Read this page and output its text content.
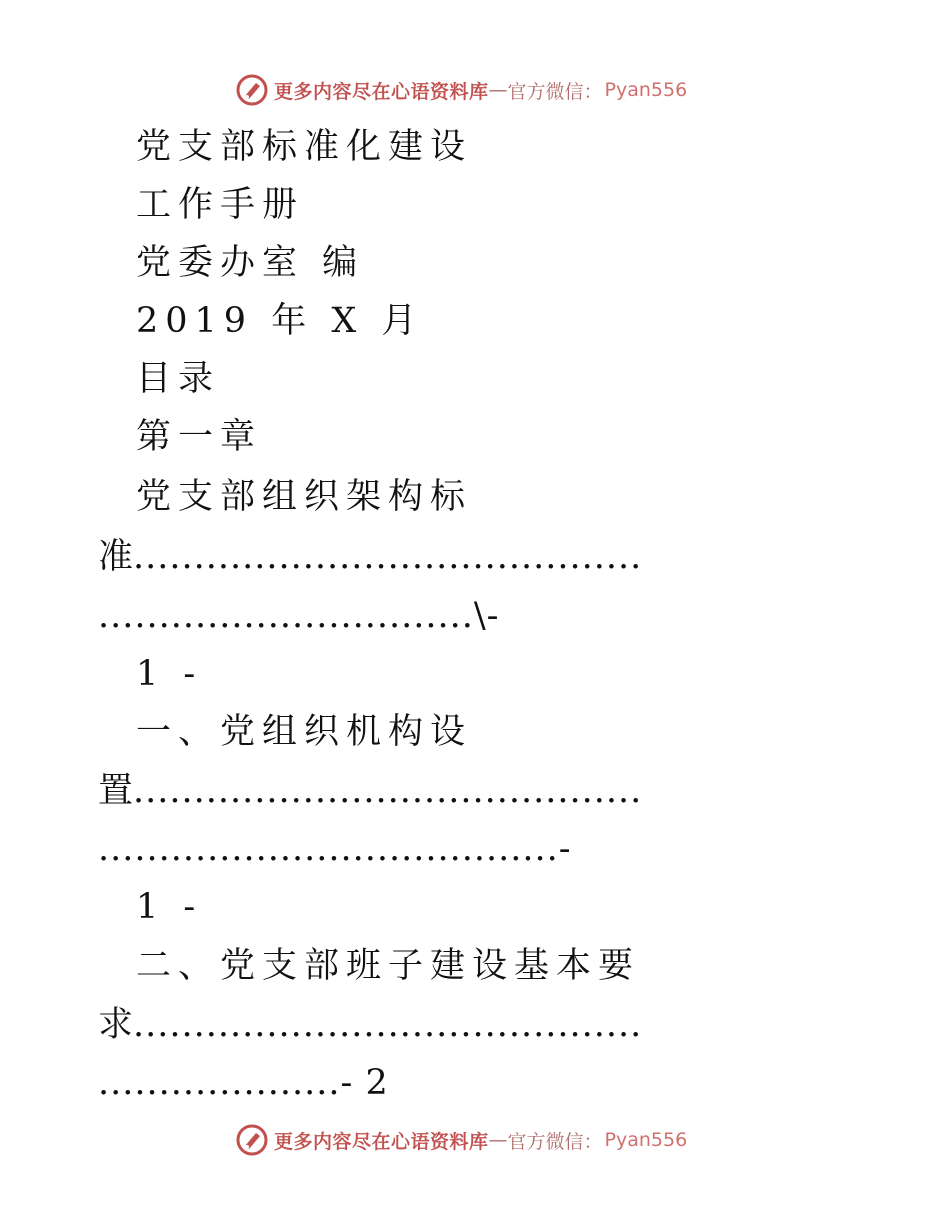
更多内容尽在心语资料库 — 官方微信： Pyan556
党支部标准化建设
工作手册
党委办室 编
2019 年 X 月
目录
第一章
党支部组织架构标
准..........................................
...............................\-
1 -
一、党组织机构设
置..........................................
......................................-
1 -
二、党支部班子建设基本要
求..........................................
....................- 2
更多内容尽在心语资料库 — 官方微信： Pyan556
